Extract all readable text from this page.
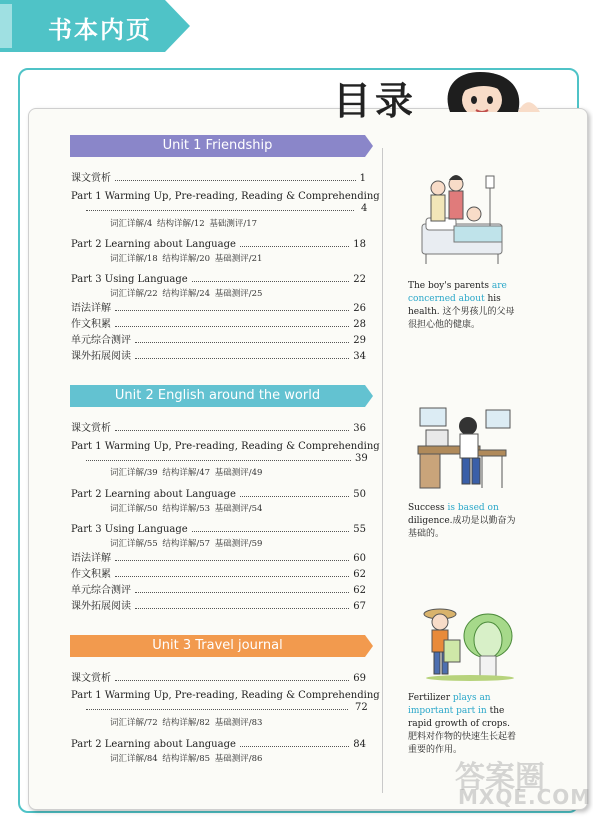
书本内页
目录
Unit 1 Friendship
课文赏析	1
Part 1 Warming Up, Pre-reading, Reading & Comprehending
4
词汇详解/4 结构详解/12 基础测评/17
Part 2 Learning about Language	18
词汇详解/18 结构详解/20 基础测评/21
Part 3 Using Language	22
词汇详解/22 结构详解/24 基础测评/25
语法详解	26
作文积累	28
单元综合测评	29
课外拓展阅读	34
Unit 2 English around the world
课文赏析	36
Part 1 Warming Up, Pre-reading, Reading & Comprehending
39
词汇详解/39 结构详解/47 基础测评/49
Part 2 Learning about Language	50
词汇详解/50 结构详解/53 基础测评/54
Part 3 Using Language	55
词汇详解/55 结构详解/57 基础测评/59
语法详解	60
作文积累	62
单元综合测评	62
课外拓展阅读	67
Unit 3 Travel journal
课文赏析	69
Part 1 Warming Up, Pre-reading, Reading & Comprehending
72
词汇详解/72 结构详解/82 基础测评/83
Part 2 Learning about Language	84
词汇详解/84 结构详解/85 基础测评/86
The boy's parents are concerned about his health. 这个男孩儿的父母很担心他的健康。
Success is based on diligence.成功是以勤奋为基础的。
Fertilizer plays an important part in the rapid growth of crops.肥料对作物的快速生长起着重要的作用。
答案圈
MXQE.COM
